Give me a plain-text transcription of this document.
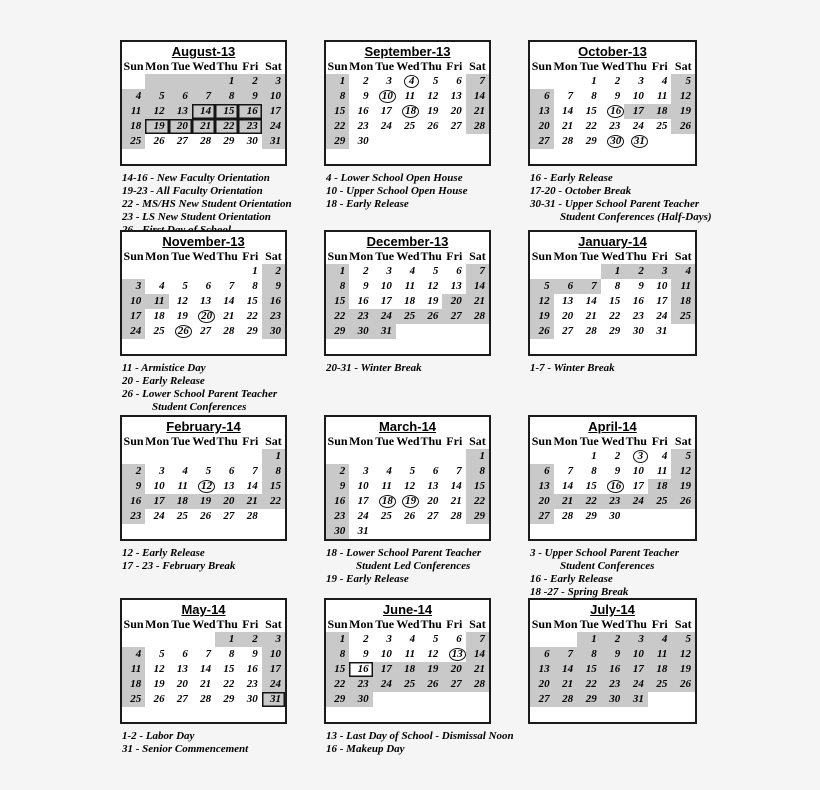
August-13
Sun Mon Tue Wed Thu Fri Sat
1 2 3
4 5 6 7 8 9 10
11 12 13 14 15 16 17
18 19 20 21 22 23 24
25 26 27 28 29 30 31
14-16 - New Faculty Orientation
19-23 - All Faculty Orientation
22 - MS/HS New Student Orientation
23 - LS New Student Orientation
September-13
Sun Mon Tue Wed Thu Fri Sat
1 2 3 4 5 6 7
8 9 10 11 12 13 14
15 16 17 18 19 20 21
22 23 24 25 26 27 28
29 30
4 - Lower School Open House
10 - Upper School Open House
18 - Early Release
October-13
Sun Mon Tue Wed Thu Fri Sat
1 2 3 4 5
6 7 8 9 10 11 12
13 14 15 16 17 18 19
20 21 22 23 24 25 26
27 28 29 30 31
16 - Early Release
17-20 - October Break
30-31 - Upper School Parent Teacher
Student Conferences (Half-Days)
November-13
Sun Mon Tue Wed Thu Fri Sat
1 2
3 4 5 6 7 8 9
10 11 12 13 14 15 16
17 18 19 20 21 22 23
24 25 26 27 28 29 30
11 - Armistice Day
20 - Early Release
26 - Lower School Parent Teacher
Student Conferences
December-13
Sun Mon Tue Wed Thu Fri Sat
1 2 3 4 5 6 7
8 9 10 11 12 13 14
15 16 17 18 19 20 21
22 23 24 25 26 27 28
29 30 31
20-31 - Winter Break
January-14
Sun Mon Tue Wed Thu Fri Sat
1 2 3 4
5 6 7 8 9 10 11
12 13 14 15 16 17 18
19 20 21 22 23 24 25
26 27 28 29 30 31
1-7 - Winter Break
February-14
Sun Mon Tue Wed Thu Fri Sat
1
2 3 4 5 6 7 8
9 10 11 12 13 14 15
16 17 18 19 20 21 22
23 24 25 26 27 28
12 - Early Release
17 - 23 - February Break
March-14
Sun Mon Tue Wed Thu Fri Sat
1
2 3 4 5 6 7 8
9 10 11 12 13 14 15
16 17 18 19 20 21 22
23 24 25 26 27 28 29
30 31
18 - Lower School Parent Teacher
Student Led Conferences
19 - Early Release
April-14
Sun Mon Tue Wed Thu Fri Sat
1 2 3 4 5
6 7 8 9 10 11 12
13 14 15 16 17 18 19
20 21 22 23 24 25 26
27 28 29 30
3 - Upper School Parent Teacher
Student Conferences
16 - Early Release
18 -27 - Spring Break
May-14
Sun Mon Tue Wed Thu Fri Sat
1 2 3
4 5 6 7 8 9 10
11 12 13 14 15 16 17
18 19 20 21 22 23 24
25 26 27 28 29 30 31
1-2 - Labor Day
31 - Senior Commencement
June-14
Sun Mon Tue Wed Thu Fri Sat
1 2 3 4 5 6 7
8 9 10 11 12 13 14
15 16 17 18 19 20 21
22 23 24 25 26 27 28
29 30
13 - Last Day of School - Dismissal Noon
16 - Makeup Day
July-14
Sun Mon Tue Wed Thu Fri Sat
1 2 3 4 5
6 7 8 9 10 11 12
13 14 15 16 17 18 19
20 21 22 23 24 25 26
27 28 29 30 31
